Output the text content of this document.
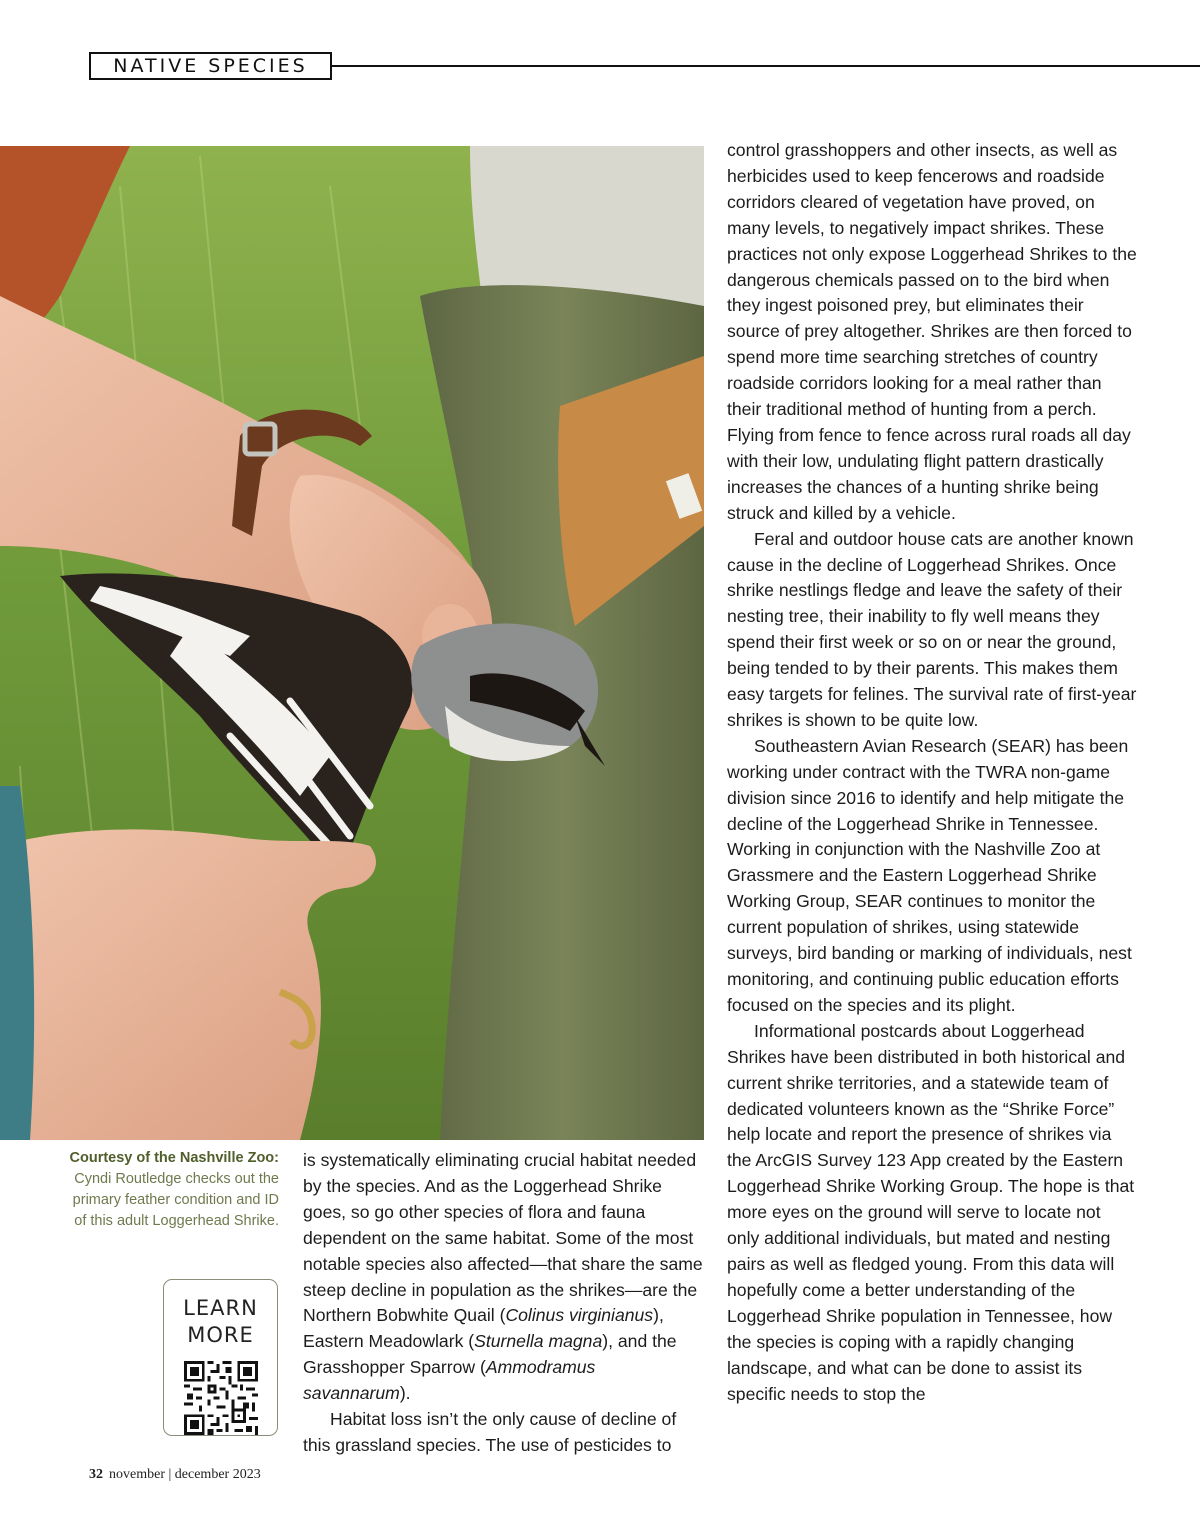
NATIVE SPECIES
Courtesy of the Nashville Zoo: Cyndi Routledge checks out the primary feather condition and ID of this adult Loggerhead Shrike.
LEARN
MORE

is systematically eliminating crucial habitat needed by the species. And as the Loggerhead Shrike goes, so go other species of flora and fauna dependent on the same habitat. Some of the most notable species also affected—that share the same steep decline in population as the shrikes—are the Northern Bobwhite Quail (Colinus virginianus), Eastern Meadowlark (Sturnella magna), and the Grasshopper Sparrow (Ammodramus savannarum).

Habitat loss isn’t the only cause of decline of this grassland species. The use of pesticides to

control grasshoppers and other insects, as well as herbicides used to keep fencerows and roadside corridors cleared of vegetation have proved, on many levels, to negatively impact shrikes. These practices not only expose Loggerhead Shrikes to the dangerous chemicals passed on to the bird when they ingest poisoned prey, but eliminates their source of prey altogether. Shrikes are then forced to spend more time searching stretches of country roadside corridors looking for a meal rather than their traditional method of hunting from a perch. Flying from fence to fence across rural roads all day with their low, undulating flight pattern drastically increases the chances of a hunting shrike being struck and killed by a vehicle.

Feral and outdoor house cats are another known cause in the decline of Loggerhead Shrikes. Once shrike nestlings fledge and leave the safety of their nesting tree, their inability to fly well means they spend their first week or so on or near the ground, being tended to by their parents. This makes them easy targets for felines. The survival rate of first-year shrikes is shown to be quite low.

Southeastern Avian Research (SEAR) has been working under contract with the TWRA non-game division since 2016 to identify and help mitigate the decline of the Loggerhead Shrike in Tennessee. Working in conjunction with the Nashville Zoo at Grassmere and the Eastern Loggerhead Shrike Working Group, SEAR continues to monitor the current population of shrikes, using statewide surveys, bird banding or marking of individuals, nest monitoring, and continuing public education efforts focused on the species and its plight.

Informational postcards about Loggerhead Shrikes have been distributed in both historical and current shrike territories, and a statewide team of dedicated volunteers known as the “Shrike Force” help locate and report the presence of shrikes via the ArcGIS Survey 123 App created by the Eastern Loggerhead Shrike Working Group. The hope is that more eyes on the ground will serve to locate not only additional individuals, but mated and nesting pairs as well as fledged young. From this data will hopefully come a better understanding of the Loggerhead Shrike population in Tennessee, how the species is coping with a rapidly changing landscape, and what can be done to assist its specific needs to stop the

32 november | december 2023
